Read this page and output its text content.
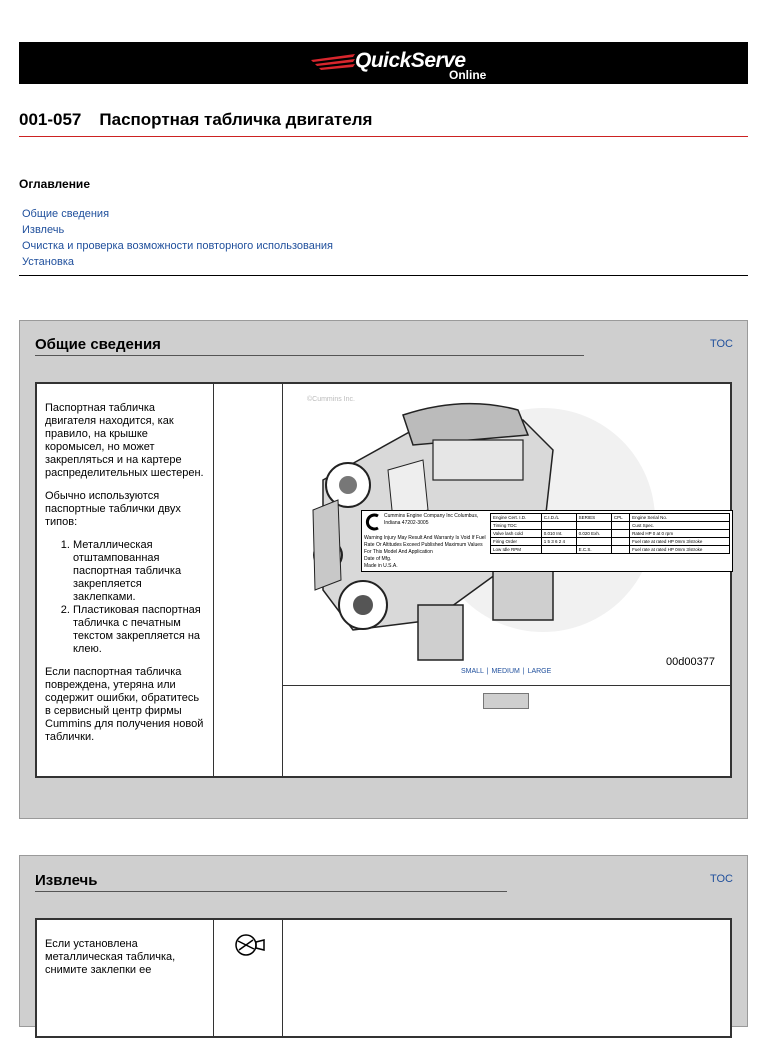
QuickServe
Online
001-057 Паспортная табличка двигателя
Оглавление
Общие сведения
Извлечь
Очистка и проверка возможности повторного использования
Установка
Общие сведения	TOC

Паспортная табличка двигателя находится, как правило, на крышке коромысел, но может закрепляться и на картере распределительных шестерен.

Обычно используются паспортные таблички двух типов:

1. Металлическая отштампованная паспортная табличка закрепляется заклепками.
2. Пластиковая паспортная табличка с печатным текстом закрепляется на клею.

Если паспортная табличка повреждена, утеряна или содержит ошибки, обратитесь в сервисный центр фирмы Cummins для получения новой таблички.

©Cummins Inc.
Cummins Engine Company Inc Columbus, Indiana 47202-3005
Warning Injury May Result And Warranty Is Void If Fuel Rate Or Altitudes Exceed Published Maximum Values For This Model And Application
Date of Mfg.
Made in U.S.A.
Engine Cert. I.D.	C.I.D./L	SERIES	CPL	Engine Serial No.
Timing TDC				Cust Spec.
Valve lash cold	0.010 Int.	0.020 Exh.		Rated HP 0 at 0 rpm
Firing Order	1 5 3 6 2 4			Fuel rate at rated HP 0mm 3/stroke
Low Idle RPM		E.C.S.		Fuel rate at rated HP 0mm 3/stroke
00d00377
SMALL | MEDIUM | LARGE
Извлечь	TOC

Если установлена металлическая табличка, снимите заклепки ее
